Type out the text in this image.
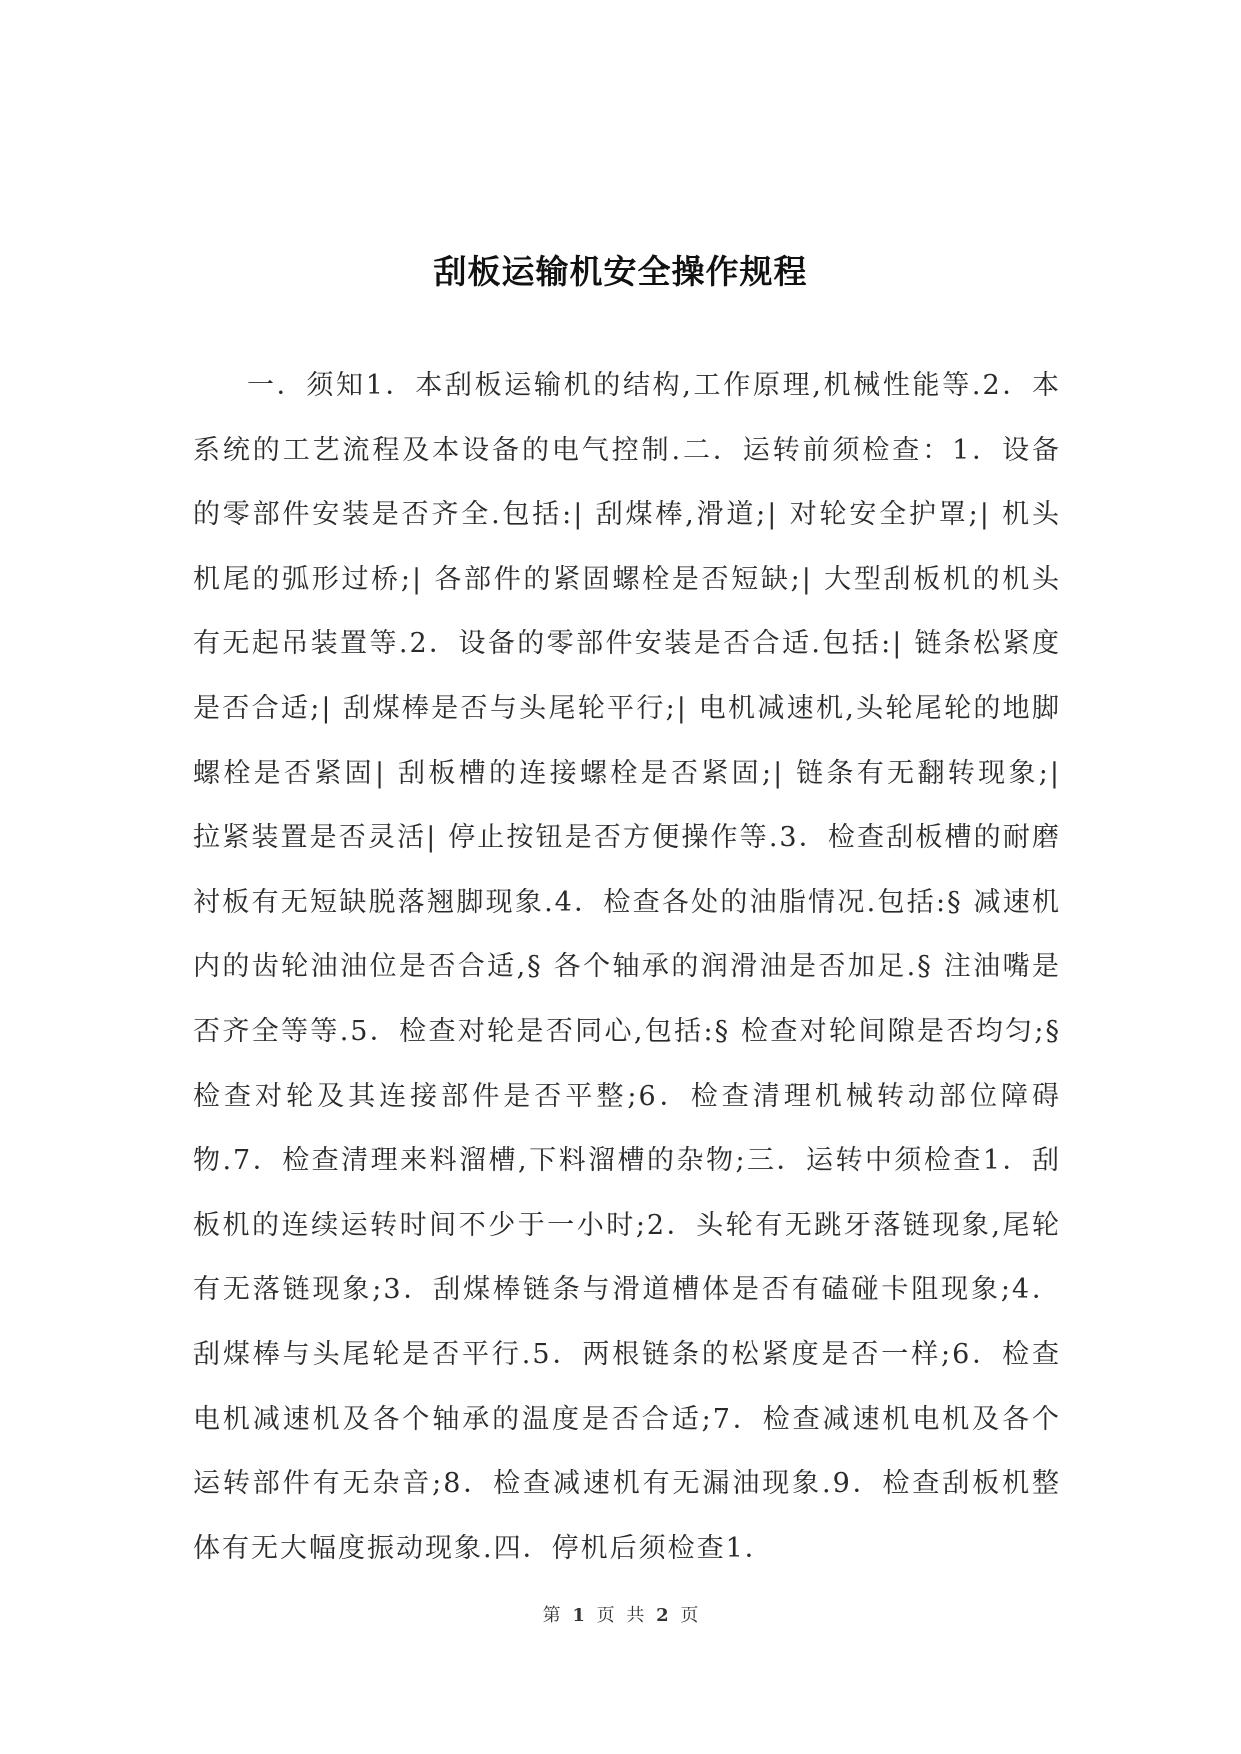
刮板运输机安全操作规程

一．须知1．本刮板运输机的结构,工作原理,机械性能等.2．本系统的工艺流程及本设备的电气控制.二．运转前须检查：1．设备的零部件安装是否齐全.包括:| 刮煤棒,滑道;| 对轮安全护罩;| 机头机尾的弧形过桥;| 各部件的紧固螺栓是否短缺;| 大型刮板机的机头有无起吊装置等.2．设备的零部件安装是否合适.包括:| 链条松紧度是否合适;| 刮煤棒是否与头尾轮平行;| 电机减速机,头轮尾轮的地脚螺栓是否紧固| 刮板槽的连接螺栓是否紧固;| 链条有无翻转现象;| 拉紧装置是否灵活| 停止按钮是否方便操作等.3．检查刮板槽的耐磨衬板有无短缺脱落翘脚现象.4．检查各处的油脂情况.包括:§ 减速机内的齿轮油油位是否合适,§ 各个轴承的润滑油是否加足.§ 注油嘴是否齐全等等.5．检查对轮是否同心,包括:§ 检查对轮间隙是否均匀;§ 检查对轮及其连接部件是否平整;6．检查清理机械转动部位障碍物.7．检查清理来料溜槽,下料溜槽的杂物;三．运转中须检查1．刮板机的连续运转时间不少于一小时;2．头轮有无跳牙落链现象,尾轮有无落链现象;3．刮煤棒链条与滑道槽体是否有磕碰卡阻现象;4．刮煤棒与头尾轮是否平行.5．两根链条的松紧度是否一样;6．检查电机减速机及各个轴承的温度是否合适;7．检查减速机电机及各个运转部件有无杂音;8．检查减速机有无漏油现象.9．检查刮板机整体有无大幅度振动现象.四．停机后须检查1．

第 1 页 共 2 页
